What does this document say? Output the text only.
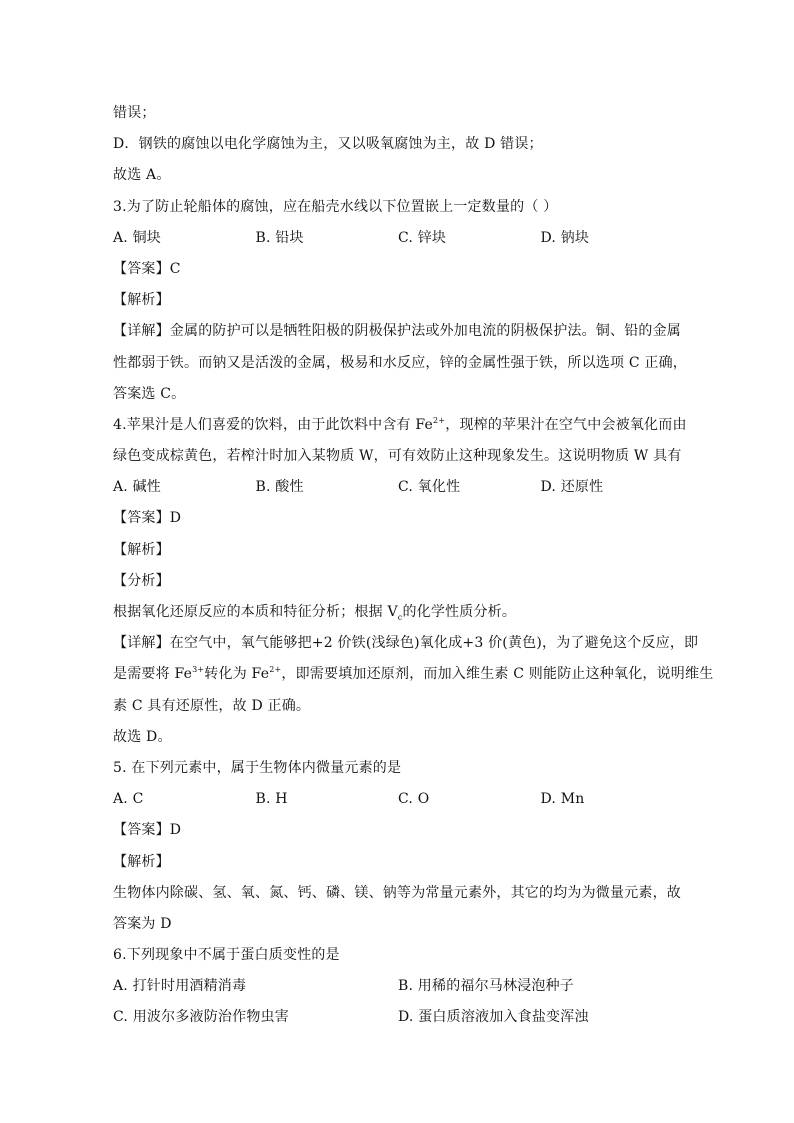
错误；
D．钢铁的腐蚀以电化学腐蚀为主，又以吸氧腐蚀为主，故 D 错误；
故选 A。
3.为了防止轮船体的腐蚀，应在船壳水线以下位置嵌上一定数量的（ ）
A. 铜块	B. 铅块	C. 锌块	D. 钠块
【答案】C
【解析】
【详解】金属的防护可以是牺牲阳极的阴极保护法或外加电流的阴极保护法。铜、铅的金属
性都弱于铁。而钠又是活泼的金属，极易和水反应，锌的金属性强于铁，所以选项 C 正确，
答案选 C。
4.苹果汁是人们喜爱的饮料，由于此饮料中含有 $Fe^{2+}$，现榨的苹果汁在空气中会被氧化而由
绿色变成棕黄色，若榨汁时加入某物质 W，可有效防止这种现象发生。这说明物质 W 具有
A. 碱性	B. 酸性	C. 氧化性	D. 还原性
【答案】D
【解析】
【分析】
根据氧化还原反应的本质和特征分析；根据 $V_c$的化学性质分析。
【详解】在空气中，氧气能够把+2 价铁(浅绿色)氧化成+3 价(黄色)，为了避免这个反应，即
是需要将 $Fe^{3+}$转化为 $Fe^{2+}$，即需要填加还原剂，而加入维生素 C 则能防止这种氧化，说明维生
素 C 具有还原性，故 D 正确。
故选 D。
5. 在下列元素中，属于生物体内微量元素的是
A. C	B. H	C. O	D. Mn
【答案】D
【解析】
生物体内除碳、氢、氧、氮、钙、磷、镁、钠等为常量元素外，其它的均为为微量元素，故
答案为 D
6.下列现象中不属于蛋白质变性的是
A. 打针时用酒精消毒	B. 用稀的福尔马林浸泡种子
C. 用波尔多液防治作物虫害	D. 蛋白质溶液加入食盐变浑浊
